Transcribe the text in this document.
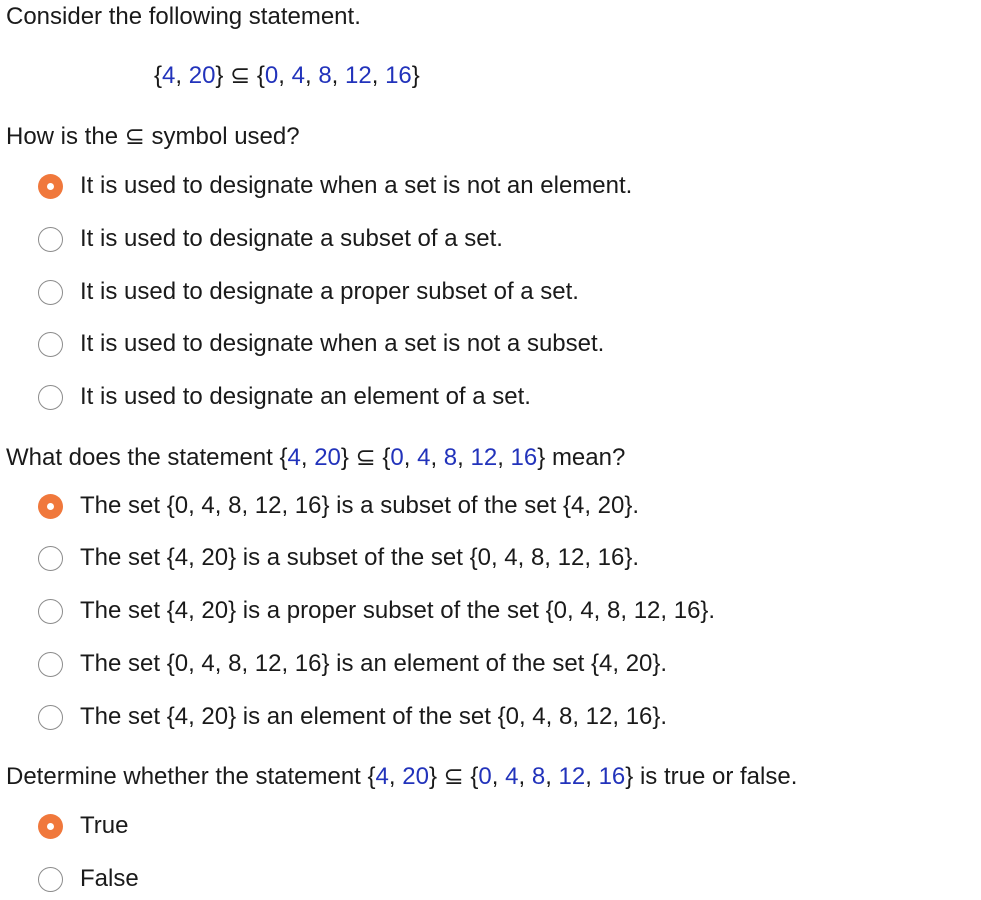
Consider the following statement.
{4, 20} ⊆ {0, 4, 8, 12, 16}
How is the ⊆ symbol used?
It is used to designate when a set is not an element.
It is used to designate a subset of a set.
It is used to designate a proper subset of a set.
It is used to designate when a set is not a subset.
It is used to designate an element of a set.
What does the statement {4, 20} ⊆ {0, 4, 8, 12, 16} mean?
The set {0, 4, 8, 12, 16} is a subset of the set {4, 20}.
The set {4, 20} is a subset of the set {0, 4, 8, 12, 16}.
The set {4, 20} is a proper subset of the set {0, 4, 8, 12, 16}.
The set {0, 4, 8, 12, 16} is an element of the set {4, 20}.
The set {4, 20} is an element of the set {0, 4, 8, 12, 16}.
Determine whether the statement {4, 20} ⊆ {0, 4, 8, 12, 16} is true or false.
True
False
